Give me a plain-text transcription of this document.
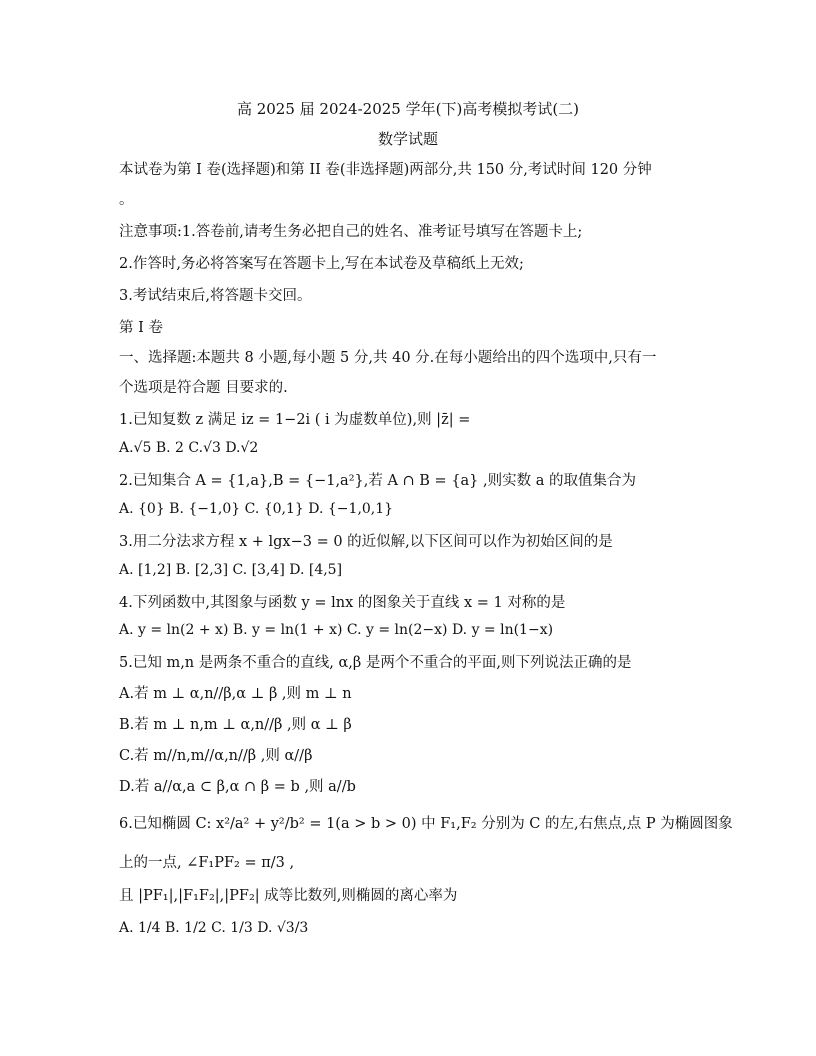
高 2025 届 2024-2025 学年(下)高考模拟考试(二)
数学试题
本试卷为第 I 卷(选择题)和第 II 卷(非选择题)两部分,共 150 分,考试时间 120 分钟
。
注意事项:1.答卷前,请考生务必把自己的姓名、准考证号填写在答题卡上;
2.作答时,务必将答案写在答题卡上,写在本试卷及草稿纸上无效;
3.考试结束后,将答题卡交回。
第 I 卷
一、选择题:本题共 8 小题,每小题 5 分,共 40 分.在每小题给出的四个选项中,只有一
个选项是符合题 目要求的.
1.已知复数 z 满足 iz = 1−2i ( i 为虚数单位),则 |z̄| =
A.√5 B. 2 C.√3 D.√2
2.已知集合 A = {1,a},B = {−1,a²},若 A ∩ B = {a} ,则实数 a 的取值集合为
A. {0} B. {−1,0} C. {0,1} D. {−1,0,1}
3.用二分法求方程 x + lgx−3 = 0 的近似解,以下区间可以作为初始区间的是
A. [1,2] B. [2,3] C. [3,4] D. [4,5]
4.下列函数中,其图象与函数 y = lnx 的图象关于直线 x = 1 对称的是
A. y = ln(2 + x) B. y = ln(1 + x) C. y = ln(2−x) D. y = ln(1−x)
5.已知 m,n 是两条不重合的直线, α,β 是两个不重合的平面,则下列说法正确的是
A.若 m ⊥ α,n//β,α ⊥ β ,则 m ⊥ n
B.若 m ⊥ n,m ⊥ α,n//β ,则 α ⊥ β
C.若 m//n,m//α,n//β ,则 α//β
D.若 a//α,a ⊂ β,α ∩ β = b ,则 a//b
6.已知椭圆 C: x²/a² + y²/b² = 1(a > b > 0) 中 F₁,F₂ 分别为 C 的左,右焦点,点 P 为椭圆图象
上的一点, ∠F₁PF₂ = π/3 ,
且 |PF₁|,|F₁F₂|,|PF₂| 成等比数列,则椭圆的离心率为
A. 1/4 B. 1/2 C. 1/3 D. √3/3
